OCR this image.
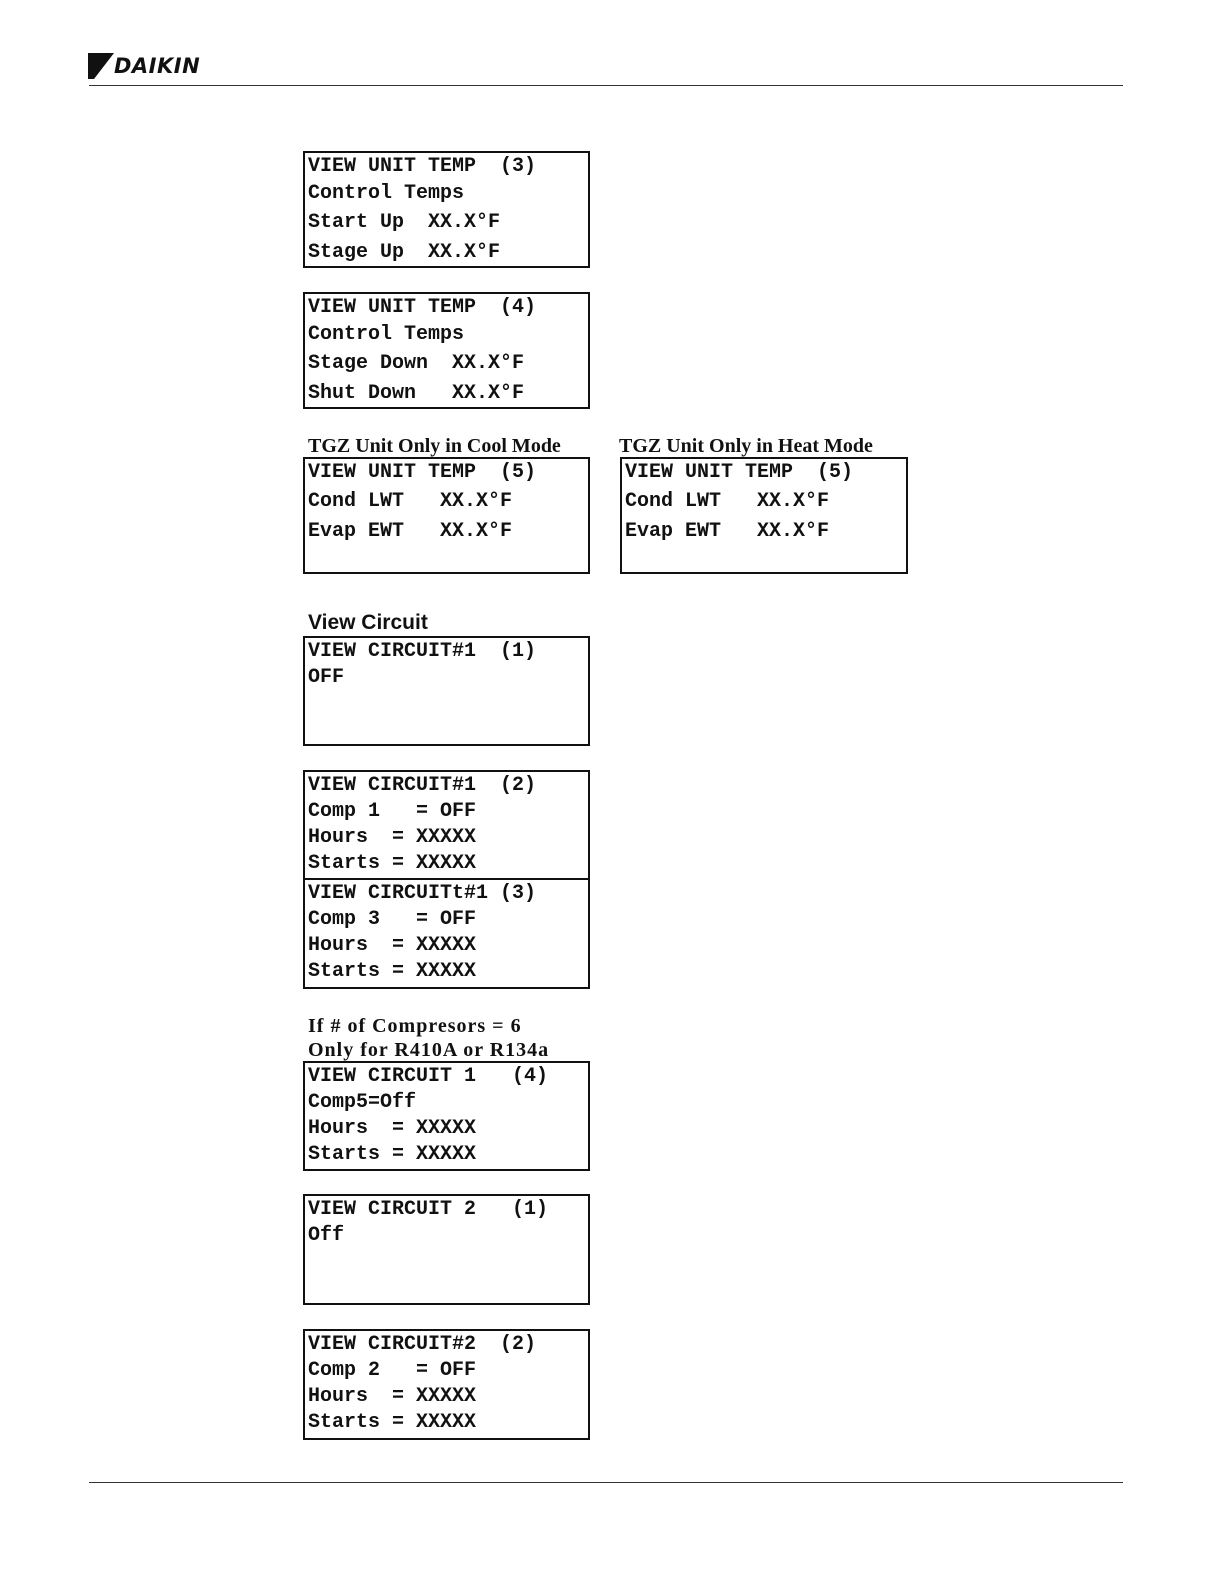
DAIKIN
VIEW UNIT TEMP  (3)
Control Temps
Start Up  XX.X°F
Stage Up  XX.X°F
VIEW UNIT TEMP  (4)
Control Temps
Stage Down  XX.X°F
Shut Down   XX.X°F
TGZ Unit Only in Cool Mode	TGZ Unit Only in Heat Mode
VIEW UNIT TEMP  (5)
Cond LWT   XX.X°F
Evap EWT   XX.X°F
VIEW UNIT TEMP  (5)
Cond LWT   XX.X°F
Evap EWT   XX.X°F
View Circuit
VIEW CIRCUIT#1  (1)
OFF
VIEW CIRCUIT#1  (2)
Comp 1   = OFF
Hours  = XXXXX
Starts = XXXXX
VIEW CIRCUITt#1 (3)
Comp 3   = OFF
Hours  = XXXXX
Starts = XXXXX
If # of Compresors = 6
Only for R410A or R134a
VIEW CIRCUIT 1   (4)
Comp5=Off
Hours  = XXXXX
Starts = XXXXX
VIEW CIRCUIT 2   (1)
Off
VIEW CIRCUIT#2  (2)
Comp 2   = OFF
Hours  = XXXXX
Starts = XXXXX
